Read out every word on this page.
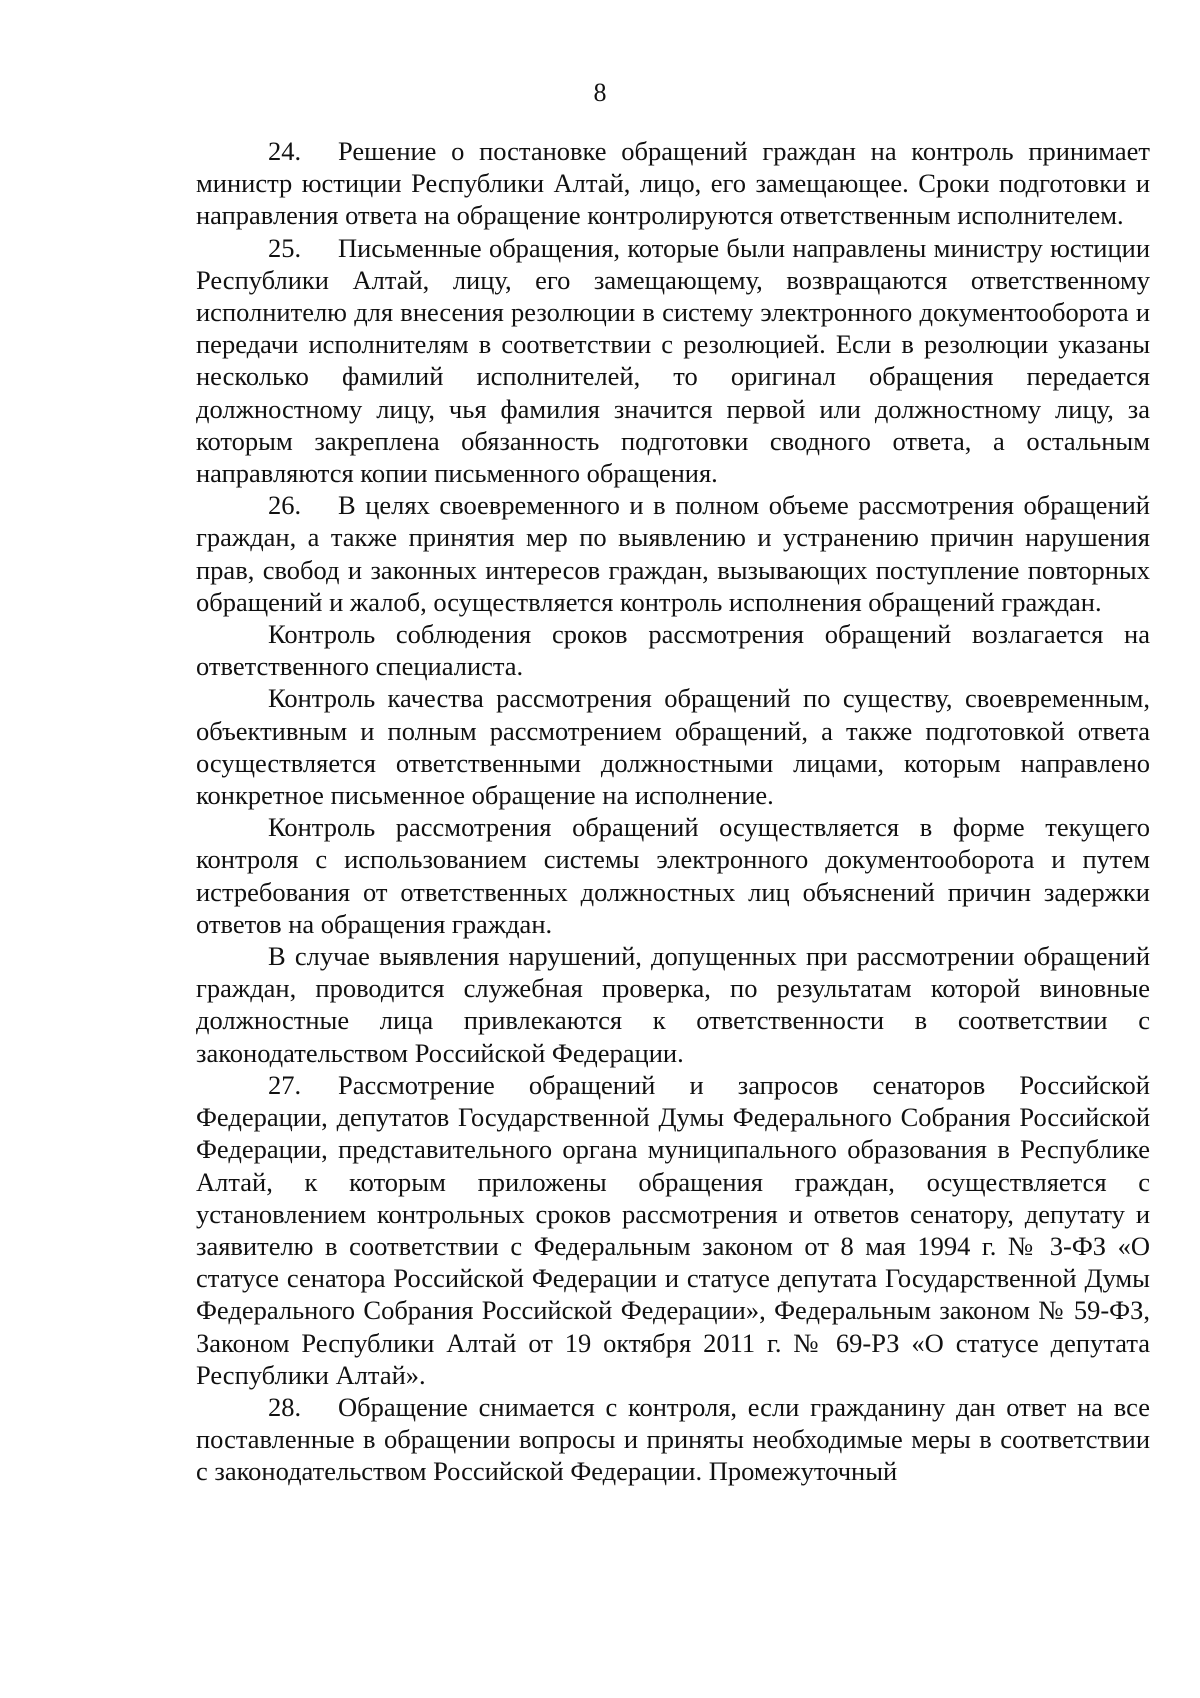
8

24. Решение о постановке обращений граждан на контроль принимает министр юстиции Республики Алтай, лицо, его замещающее. Сроки подготовки и направления ответа на обращение контролируются ответственным исполнителем.

25. Письменные обращения, которые были направлены министру юстиции Республики Алтай, лицу, его замещающему, возвращаются ответственному исполнителю для внесения резолюции в систему электронного документооборота и передачи исполнителям в соответствии с резолюцией. Если в резолюции указаны несколько фамилий исполнителей, то оригинал обращения передается должностному лицу, чья фамилия значится первой или должностному лицу, за которым закреплена обязанность подготовки сводного ответа, а остальным направляются копии письменного обращения.

26. В целях своевременного и в полном объеме рассмотрения обращений граждан, а также принятия мер по выявлению и устранению причин нарушения прав, свобод и законных интересов граждан, вызывающих поступление повторных обращений и жалоб, осуществляется контроль исполнения обращений граждан.

Контроль соблюдения сроков рассмотрения обращений возлагается на ответственного специалиста.

Контроль качества рассмотрения обращений по существу, своевременным, объективным и полным рассмотрением обращений, а также подготовкой ответа осуществляется ответственными должностными лицами, которым направлено конкретное письменное обращение на исполнение.

Контроль рассмотрения обращений осуществляется в форме текущего контроля с использованием системы электронного документооборота и путем истребования от ответственных должностных лиц объяснений причин задержки ответов на обращения граждан.

В случае выявления нарушений, допущенных при рассмотрении обращений граждан, проводится служебная проверка, по результатам которой виновные должностные лица привлекаются к ответственности в соответствии с законодательством Российской Федерации.

27. Рассмотрение обращений и запросов сенаторов Российской Федерации, депутатов Государственной Думы Федерального Собрания Российской Федерации, представительного органа муниципального образования в Республике Алтай, к которым приложены обращения граждан, осуществляется с установлением контрольных сроков рассмотрения и ответов сенатору, депутату и заявителю в соответствии с Федеральным законом от 8 мая 1994 г. № 3-ФЗ «О статусе сенатора Российской Федерации и статусе депутата Государственной Думы Федерального Собрания Российской Федерации», Федеральным законом № 59-ФЗ, Законом Республики Алтай от 19 октября 2011 г. № 69-РЗ «О статусе депутата Республики Алтай».

28. Обращение снимается с контроля, если гражданину дан ответ на все поставленные в обращении вопросы и приняты необходимые меры в соответствии с законодательством Российской Федерации. Промежуточный
